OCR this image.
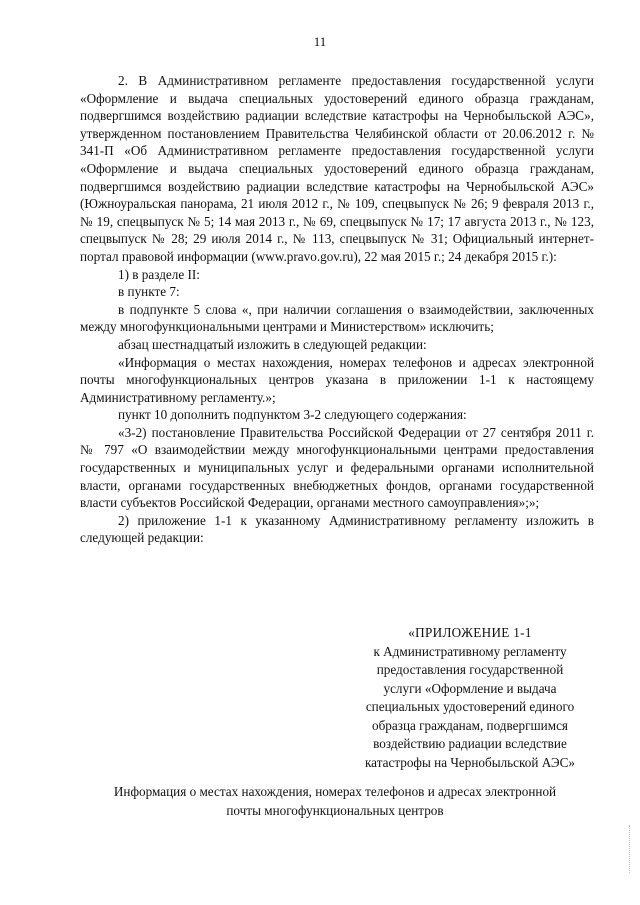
11

2. В Административном регламенте предоставления государственной услуги «Оформление и выдача специальных удостоверений единого образца гражданам, подвергшимся воздействию радиации вследствие катастрофы на Чернобыльской АЭС», утвержденном постановлением Правительства Челябинской области от 20.06.2012 г. № 341-П «Об Административном регламенте предоставления государственной услуги «Оформление и выдача специальных удостоверений единого образца гражданам, подвергшимся воздействию радиации вследствие катастрофы на Чернобыльской АЭС» (Южноуральская панорама, 21 июля 2012 г., № 109, спецвыпуск № 26; 9 февраля 2013 г., № 19, спецвыпуск № 5; 14 мая 2013 г., № 69, спецвыпуск № 17; 17 августа 2013 г., № 123, спецвыпуск № 28; 29 июля 2014 г., № 113, спецвыпуск № 31; Официальный интернет-портал правовой информации (www.pravo.gov.ru), 22 мая 2015 г.; 24 декабря 2015 г.):

1) в разделе II:

в пункте 7:

в подпункте 5 слова «, при наличии соглашения о взаимодействии, заключенных между многофункциональными центрами и Министерством» исключить;

абзац шестнадцатый изложить в следующей редакции:

«Информация о местах нахождения, номерах телефонов и адресах электронной почты многофункциональных центров указана в приложении 1-1 к настоящему Административному регламенту.»;

пункт 10 дополнить подпунктом 3-2 следующего содержания:

«3-2) постановление Правительства Российской Федерации от 27 сентября 2011 г. № 797 «О взаимодействии между многофункциональными центрами предоставления государственных и муниципальных услуг и федеральными органами исполнительной власти, органами государственных внебюджетных фондов, органами государственной власти субъектов Российской Федерации, органами местного самоуправления»;»;

2) приложение 1-1 к указанному Административному регламенту изложить в следующей редакции:

«ПРИЛОЖЕНИЕ 1-1
к Административному регламенту
предоставления государственной
услуги «Оформление и выдача
специальных удостоверений единого
образца гражданам, подвергшимся
воздействию радиации вследствие
катастрофы на Чернобыльской АЭС»
Информация о местах нахождения, номерах телефонов и адресах электронной
почты многофункциональных центров
